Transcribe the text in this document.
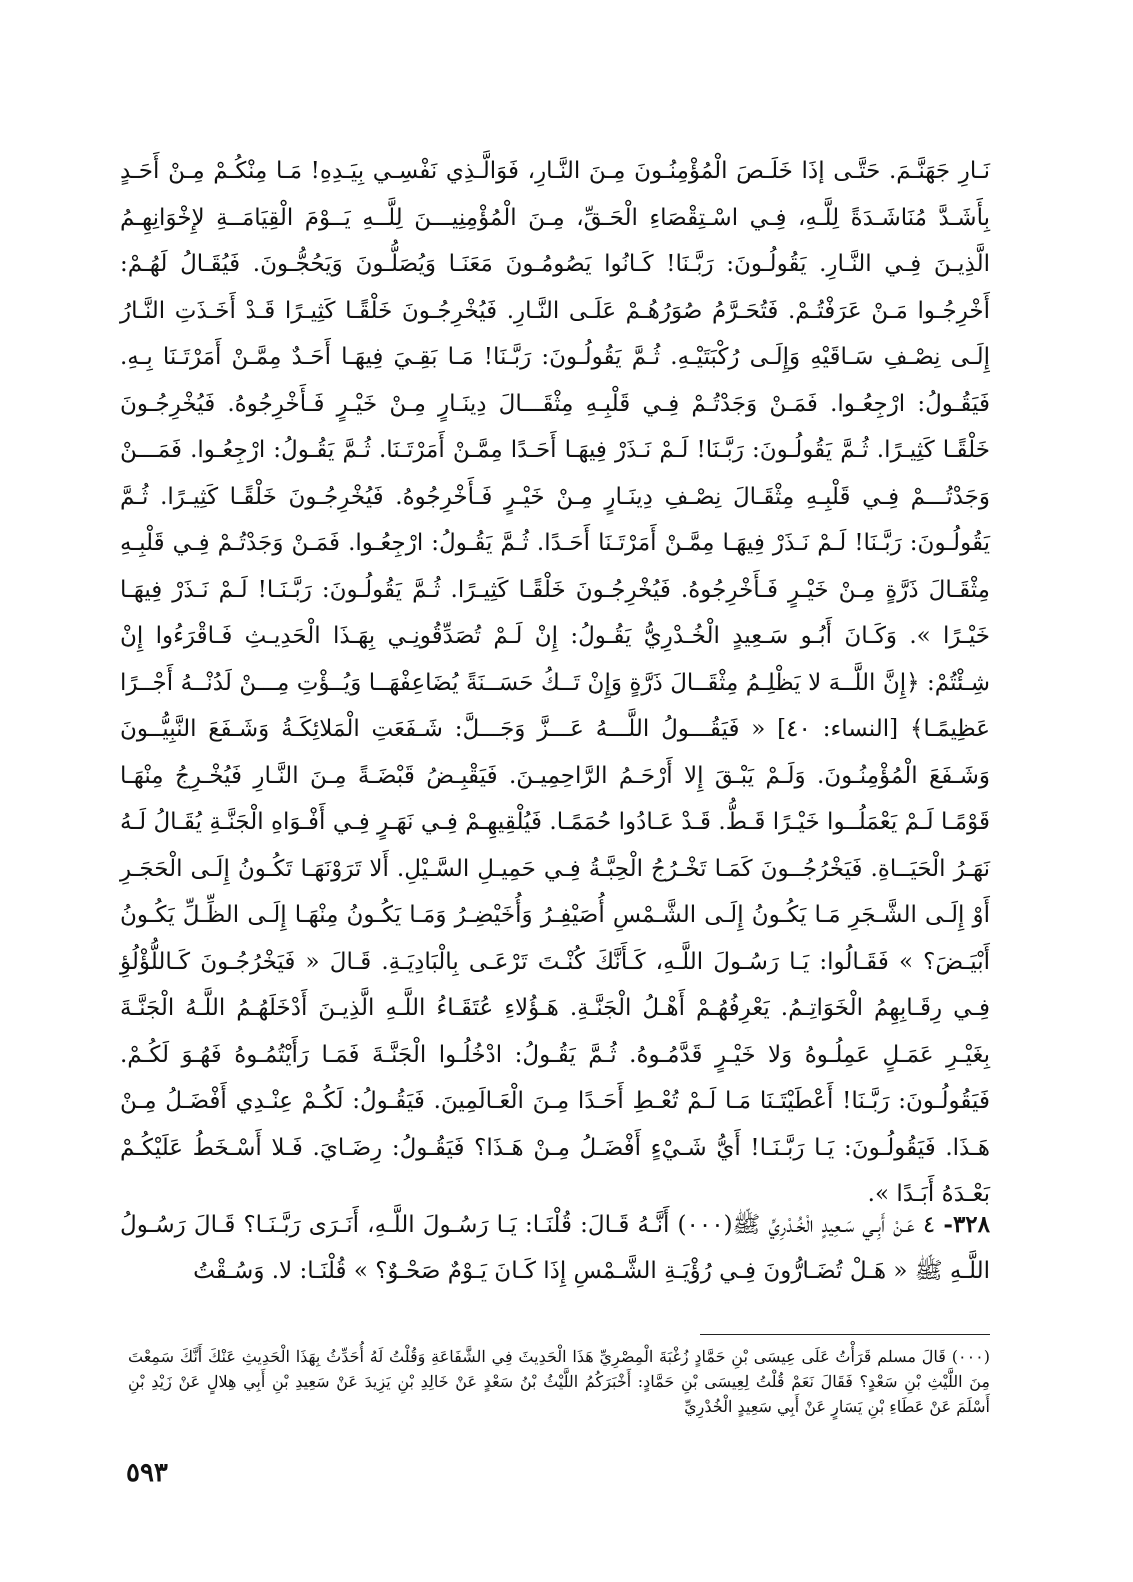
نَـارِ جَهَنَّـمَ. حَتَّـى إذَا خَلَـصَ الْمُؤْمِنُـونَ مِـنَ النَّـارِ، فَوَالَّـذِي نَفْسِـي بِيَـدِهِ! مَـا مِنْكُـمْ مِـنْ أَحَـدٍ بِأَشَـدَّ مُنَاشَـدَةً لِلَّـهِ، فِـي اسْـتِقْصَاءِ الْحَـقِّ، مِـنَ الْمُؤْمِنِيـــنَ لِلَّــهِ يَــوْمَ الْقِيَامَــةِ لإِخْوَانِهِـمُ الَّذِيـنَ فِـي النَّـارِ. يَقُولُـونَ: رَبَّـنَا! كَـانُوا يَصُومُـونَ مَعَنَـا وَيُصَلُّـونَ وَيَحُجُّـونَ. فَيُقَـالُ لَهُـمْ: أَخْرِجُـوا مَـنْ عَرَفْتُـمْ. فَتُحَـرَّمُ صُوَرُهُـمْ عَلَـى النَّـارِ. فَيُخْرِجُـونَ خَلْقًـا كَثِيـرًا قَـدْ أَخَـذَتِ النَّـارُ إِلَـى نِصْـفِ سَـاقَيْهِ وَإِلَـى رُكْبَتَيْـهِ. ثُـمَّ يَقُولُـونَ: رَبَّـنَا! مَـا بَقِـيَ فِيهَـا أَحَـدٌ مِمَّـنْ أَمَرْتَـنَا بِـهِ. فَيَقُـولُ: ارْجِعُـوا. فَمَـنْ وَجَدْتُـمْ فِـي قَلْبِـهِ مِثْقَـــالَ دِينَـارٍ مِـنْ خَيْـرٍ فَـأَخْرِجُوهُ. فَيُخْرِجُـونَ خَلْقًـا كَثِيـرًا. ثُـمَّ يَقُولُـونَ: رَبَّـنَا! لَـمْ نَـذَرْ فِيهَـا أَحَـدًا مِمَّـنْ أَمَرْتَـنَا. ثُـمَّ يَقُـولُ: ارْجِعُـوا. فَمَـــنْ وَجَدْتُـــمْ فِـي قَلْبِـهِ مِثْقَـالَ نِصْـفِ دِينَـارٍ مِـنْ خَيْـرٍ فَـأَخْرِجُوهُ. فَيُخْرِجُـونَ خَلْقًـا كَثِيـرًا. ثُـمَّ يَقُولُـونَ: رَبَّـنَا! لَـمْ نَـذَرْ فِيهَـا مِمَّـنْ أَمَرْتَـنَا أَحَـدًا. ثُـمَّ يَقُـولُ: ارْجِعُـوا. فَمَـنْ وَجَدْتُـمْ فِـي قَلْبِـهِ مِثْقَـالَ ذَرَّةٍ مِـنْ خَيْـرٍ فَـأَخْرِجُوهُ. فَيُخْرِجُـونَ خَلْقًـا كَثِيـرًا. ثُـمَّ يَقُولُـونَ: رَبَّـنَـا! لَـمْ نَـذَرْ فِيهَـا خَيْـرًا ». وَكَـانَ أَبُـو سَـعِيدٍ الْخُـدْرِيُّ يَقُـولُ: إِنْ لَـمْ تُصَدِّقُونِـي بِهَـذَا الْحَدِيـثِ فَـاقْرَءُوا إِنْ شِـئْتُمْ: ﴿إِنَّ اللَّــهَ لا يَظْلِـمُ مِثْقَــالَ ذَرَّةٍ وَإِنْ تَــكُ حَسَــنَةً يُضَاعِفْهَــا وَيُــؤْتِ مِـــنْ لَدُنْــهُ أَجْــرًا عَظِيمًـا﴾ [النساء: ٤٠] « فَيَقُـــولُ اللَّـــهُ عَـــزَّ وَجَـــلَّ: شَـفَعَتِ الْمَلائِكَـةُ وَشَـفَعَ النَّبِيُّــونَ وَشَـفَعَ الْمُؤْمِنُـونَ. وَلَـمْ يَبْـقَ إِلا أَرْحَـمُ الرَّاحِمِيـنَ. فَيَقْبِـضُ قَبْضَـةً مِـنَ النَّـارِ فَيُخْـرِجُ مِنْهَـا قَوْمًـا لَـمْ يَعْمَلُــوا خَيْـرًا قَـطُّ. قَـدْ عَـادُوا حُمَمًـا. فَيُلْقِيهِـمْ فِـي نَهَـرٍ فِـي أَفْـوَاهِ الْجَنَّـةِ يُقَـالُ لَـهُ نَهَـرُ الْحَيَــاةِ. فَيَخْرُجُــونَ كَمَـا تَخْـرُجُ الْحِبَّـةُ فِـي حَمِيـلِ السَّـيْلِ. أَلا تَرَوْنَهَـا تَكُـونُ إِلَـى الْحَجَـرِ أَوْ إِلَـى الشَّـجَرِ مَـا يَكُـونُ إِلَـى الشَّـمْسِ أُصَيْفِـرُ وَأُخَيْضِـرُ وَمَـا يَكُـونُ مِنْهَـا إِلَـى الظِّـلِّ يَكُـونُ أَبْيَـضَ؟ » فَقَـالُوا: يَـا رَسُـولَ اللَّـهِ، كَـأَنَّكَ كُنْـتَ تَرْعَـى بِالْبَادِيَـةِ. قَـالَ « فَيَخْرُجُـونَ كَـاللُّؤْلُؤِ فِـي رِقَـابِهِمُ الْخَوَاتِـمُ. يَعْرِفُهُـمْ أَهْـلُ الْجَنَّـةِ. هَـؤُلاءِ عُتَقَـاءُ اللَّـهِ الَّذِيـنَ أَدْخَلَهُـمُ اللَّـهُ الْجَنَّـةَ بِغَيْـرِ عَمَـلٍ عَمِلُـوهُ وَلا خَيْـرٍ قَدَّمُـوهُ. ثُـمَّ يَقُـولُ: ادْخُلُـوا الْجَنَّـةَ فَمَـا رَأَيْتُمُـوهُ فَهُـوَ لَكُـمْ. فَيَقُولُـونَ: رَبَّـنَا! أَعْطَيْتَـنَا مَـا لَـمْ تُعْـطِ أَحَـدًا مِـنَ الْعَـالَمِينَ. فَيَقُـولُ: لَكُـمْ عِنْـدِي أَفْضَـلُ مِـنْ هَـذَا. فَيَقُولُـونَ: يَـا رَبَّـنَـا! أَيُّ شَـيْءٍ أَفْضَـلُ مِـنْ هَـذَا؟ فَيَقُـولُ: رِضَـايَ. فَـلا أَسْـخَطُ عَلَيْكُـمْ بَعْـدَهُ أَبَـدًا ».

٣٢٨- ٤ عَـنْ أَبِـي سَـعِيدٍ الْخُـدْرِيِّ ﷺ(٠٠٠) أَنَّـهُ قَـالَ: قُلْنَـا: يَـا رَسُـولَ اللَّـهِ، أَنَـرَى رَبَّـنَـا؟ قَـالَ رَسُـولُ اللَّـهِ ﷺ « هَـلْ تُضَـارُّونَ فِـي رُؤْيَـةِ الشَّـمْسِ إِذَا كَـانَ يَـوْمٌ صَحْـوٌ؟ » قُلْنَـا: لا. وَسُـقْتُ

(٠٠٠) قَالَ مسلم قَرَأْتُ عَلَى عِيسَى بْنِ حَمَّادٍ زُغْبَةَ الْمِصْرِيِّ هَذَا الْحَدِيثَ فِي الشَّفَاعَةِ وَقُلْتُ لَهُ أُحَدِّثُ بِهَذَا الْحَدِيثِ عَنْكَ أَنَّكَ سَمِعْتَ مِنَ اللَّيْثِ بْنِ سَعْدٍ؟ فَقَالَ نَعَمْ قُلْتُ لِعِيسَى بْنِ حَمَّادٍ: أَخْبَرَكُمُ اللَّيْثُ بْنُ سَعْدٍ عَنْ خَالِدِ بْنِ يَزِيدَ عَنْ سَعِيدِ بْنِ أَبِي هِلالٍ عَنْ زَيْدِ بْنِ أَسْلَمَ عَنْ عَطَاءِ بْنِ يَسَارٍ عَنْ أَبِي سَعِيدٍ الْخُدْرِيِّ

٥٩٣
